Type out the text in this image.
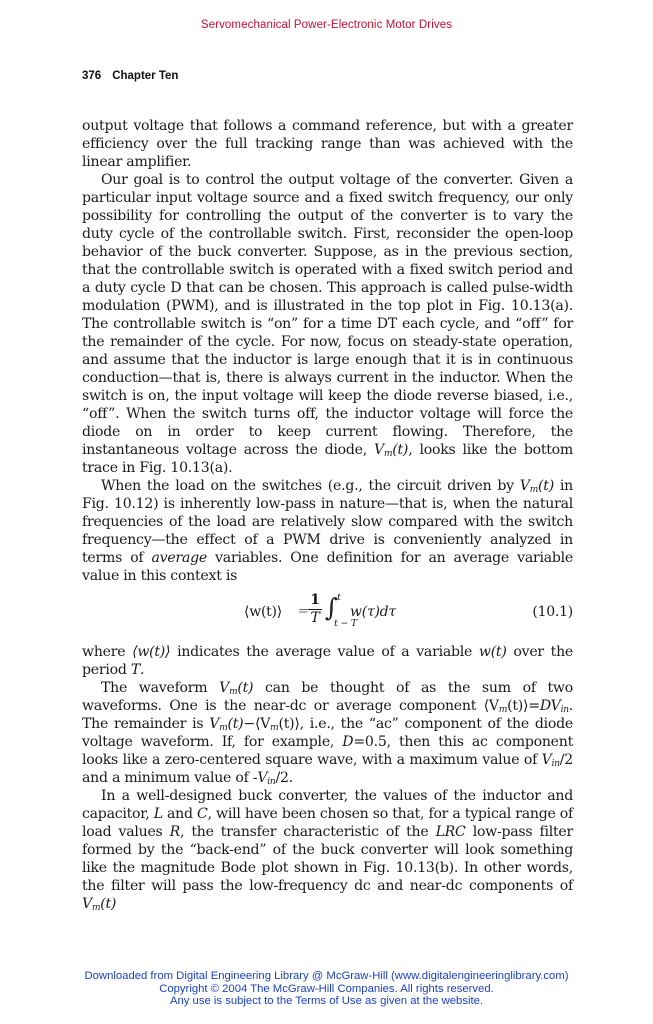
Servomechanical Power-Electronic Motor Drives
376 Chapter Ten

output voltage that follows a command reference, but with a greater efficiency over the full tracking range than was achieved with the linear amplifier.

Our goal is to control the output voltage of the converter. Given a particular input voltage source and a fixed switch frequency, our only possibility for controlling the output of the converter is to vary the duty cycle of the controllable switch. First, reconsider the open-loop behavior of the buck converter. Suppose, as in the previous section, that the controllable switch is operated with a fixed switch period and a duty cycle D that can be chosen. This approach is called pulse-width modulation (PWM), and is illustrated in the top plot in Fig. 10.13(a). The controllable switch is “on” for a time DT each cycle, and “off” for the remainder of the cycle. For now, focus on steady-state operation, and assume that the inductor is large enough that it is in continuous conduction—that is, there is always current in the inductor. When the switch is on, the input voltage will keep the diode reverse biased, i.e., “off”. When the switch turns off, the inductor voltage will force the diode on in order to keep current flowing. Therefore, the instantaneous voltage across the diode, $V_m(t)$, looks like the bottom trace in Fig. 10.13(a).

When the load on the switches (e.g., the circuit driven by $V_m(t)$ in Fig. 10.12) is inherently low-pass in nature—that is, when the natural frequencies of the load are relatively slow compared with the switch frequency—the effect of a PWM drive is conveniently analyzed in terms of average variables. One definition for an average variable value in this context is

⟨w(t)⟩ = $\frac{1}{T}$ ∫ t
t − T
w(τ)dτ	(10.1)

where ⟨w(t)⟩ indicates the average value of a variable w(t) over the period T.

The waveform $V_m(t)$ can be thought of as the sum of two waveforms. One is the near-dc or average component $⟨V_m(t)⟩=DV_{in}$. The remainder is $V_m(t)-⟨V_m(t)⟩$, i.e., the “ac” component of the diode voltage waveform. If, for example, D=0.5, then this ac component looks like a zero-centered square wave, with a maximum value of $V_{in}/2$ and a minimum value of $-V_{in}/2$.

In a well-designed buck converter, the values of the inductor and capacitor, L and C, will have been chosen so that, for a typical range of load values R, the transfer characteristic of the LRC low-pass filter formed by the “back-end” of the buck converter will look something like the magnitude Bode plot shown in Fig. 10.13(b). In other words, the filter will pass the low-frequency dc and near-dc components of $V_m(t)$

Downloaded from Digital Engineering Library @ McGraw-Hill (www.digitalengineeringlibrary.com)
Copyright © 2004 The McGraw-Hill Companies. All rights reserved.
Any use is subject to the Terms of Use as given at the website.
